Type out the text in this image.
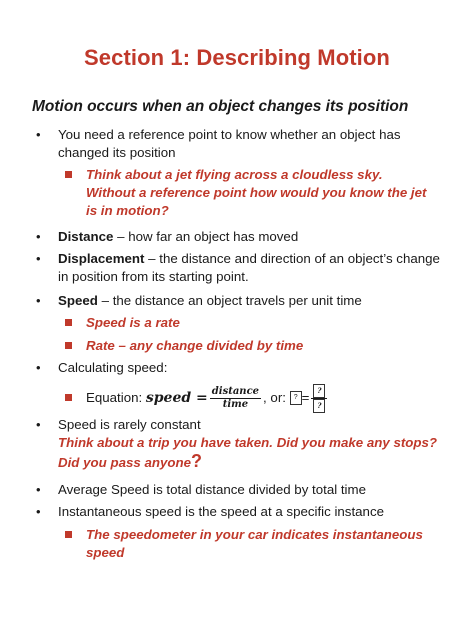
Section 1: Describing Motion
Motion occurs when an object changes its position
• You need a reference point to know whether an object has changed its position
Think about a jet flying across a cloudless sky. Without a reference point how would you know the jet is in motion?
• Distance – how far an object has moved
• Displacement – the distance and direction of an object’s change in position from its starting point.
• Speed – the distance an object travels per unit time
Speed is a rate
Rate – any change divided by time
• Calculating speed:
Equation: speed = $\frac{\text{distance}}{\text{time}}$ , or: ? = $\frac{?}{?}$
• Speed is rarely constant
Think about a trip you have taken. Did you make any stops? Did you pass anyone?
• Average Speed is total distance divided by total time
• Instantaneous speed is the speed at a specific instance
The speedometer in your car indicates instantaneous speed
